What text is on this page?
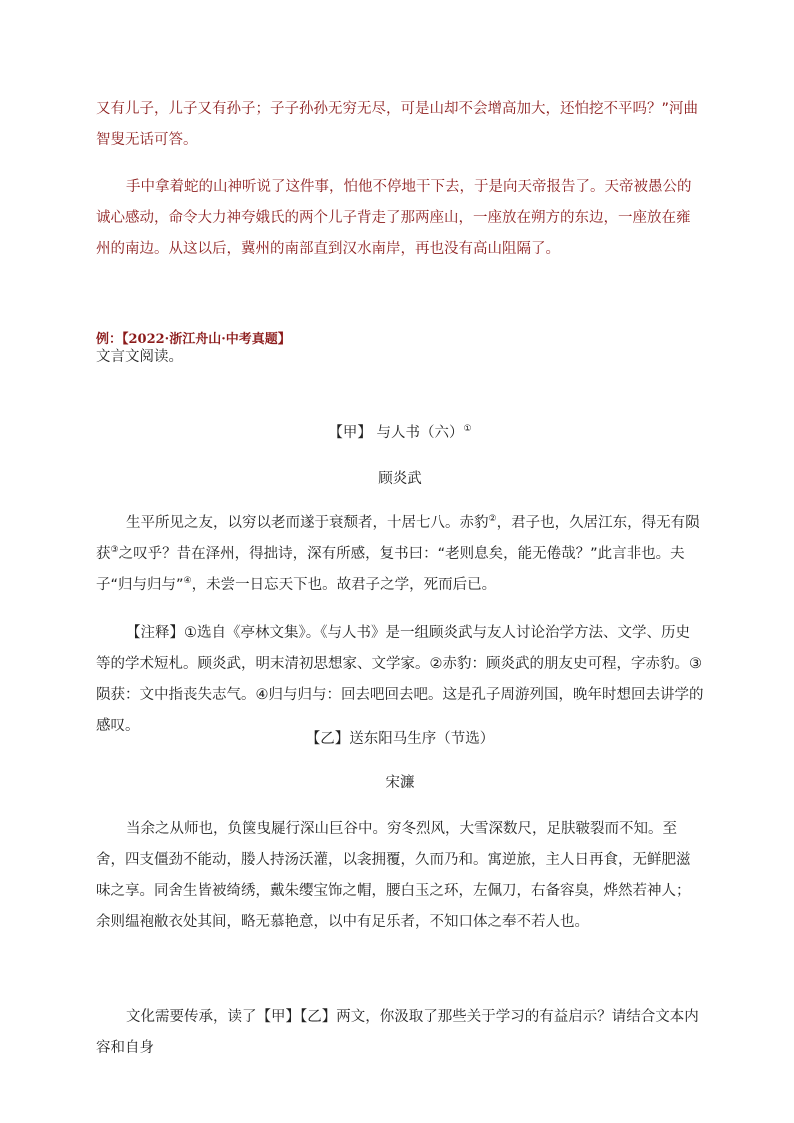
又有儿子，儿子又有孙子；子子孙孙无穷无尽，可是山却不会增高加大，还怕挖不平吗？”河曲智叟无话可答。

手中拿着蛇的山神听说了这件事，怕他不停地干下去，于是向天帝报告了。天帝被愚公的诚心感动，命令大力神夸娥氏的两个儿子背走了那两座山，一座放在朔方的东边，一座放在雍州的南边。从这以后，冀州的南部直到汉水南岸，再也没有高山阻隔了。

例：【2022·浙江舟山·中考真题】

文言文阅读。

【甲】 与人书（六）①

顾炎武

生平所见之友，以穷以老而遂于衰颓者，十居七八。赤豹②，君子也，久居江东，得无有陨获③之叹乎？昔在泽州，得拙诗，深有所感，复书曰：“老则息矣，能无倦哉？”此言非也。夫子“归与归与”④，未尝一日忘天下也。故君子之学，死而后已。

【注释】①选自《亭林文集》。《与人书》是一组顾炎武与友人讨论治学方法、文学、历史等的学术短札。顾炎武，明末清初思想家、文学家。②赤豹：顾炎武的朋友史可程，字赤豹。③陨获：文中指丧失志气。④归与归与：回去吧回去吧。这是孔子周游列国，晚年时想回去讲学的感叹。

【乙】送东阳马生序（节选）

宋濂

当余之从师也，负箧曳屣行深山巨谷中。穷冬烈风，大雪深数尺，足肤皲裂而不知。至舍，四支僵劲不能动，媵人持汤沃灌，以衾拥覆，久而乃和。寓逆旅，主人日再食，无鲜肥滋味之享。同舍生皆被绮绣，戴朱缨宝饰之帽，腰白玉之环，左佩刀，右备容臭，烨然若神人；余则缊袍敝衣处其间，略无慕艳意，以中有足乐者，不知口体之奉不若人也。

文化需要传承，读了【甲】【乙】两文，你汲取了那些关于学习的有益启示？请结合文本内容和自身
